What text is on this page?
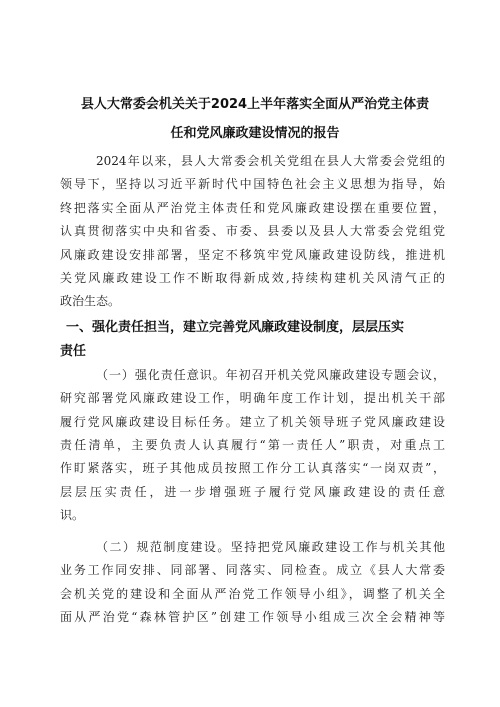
县人大常委会机关关于2024上半年落实全面从严治党主体责
任和党风廉政建设情况的报告
2024年以来，县人大常委会机关党组在县人大常委会党组的
领导下，坚持以习近平新时代中国特色社会主义思想为指导，始
终把落实全面从严治党主体责任和党风廉政建设摆在重要位置，
认真贯彻落实中央和省委、市委、县委以及县人大常委会党组党
风廉政建设安排部署，坚定不移筑牢党风廉政建设防线，推进机
关党风廉政建设工作不断取得新成效,持续构建机关风清气正的
政治生态。
一、强化责任担当，建立完善党风廉政建设制度，层层压实
责任
（一）强化责任意识。年初召开机关党风廉政建设专题会议，
研究部署党风廉政建设工作，明确年度工作计划，提出机关干部
履行党风廉政建设目标任务。建立了机关领导班子党风廉政建设
责任清单，主要负责人认真履行“第一责任人”职责，对重点工
作盯紧落实，班子其他成员按照工作分工认真落实“一岗双责”，
层层压实责任，进一步增强班子履行党风廉政建设的责任意
识。
（二）规范制度建设。坚持把党风廉政建设工作与机关其他
业务工作同安排、同部署、同落实、同检查。成立《县人大常委
会机关党的建设和全面从严治党工作领导小组》，调整了机关全
面从严治党“森林管护区”创建工作领导小组成三次全会精神等
